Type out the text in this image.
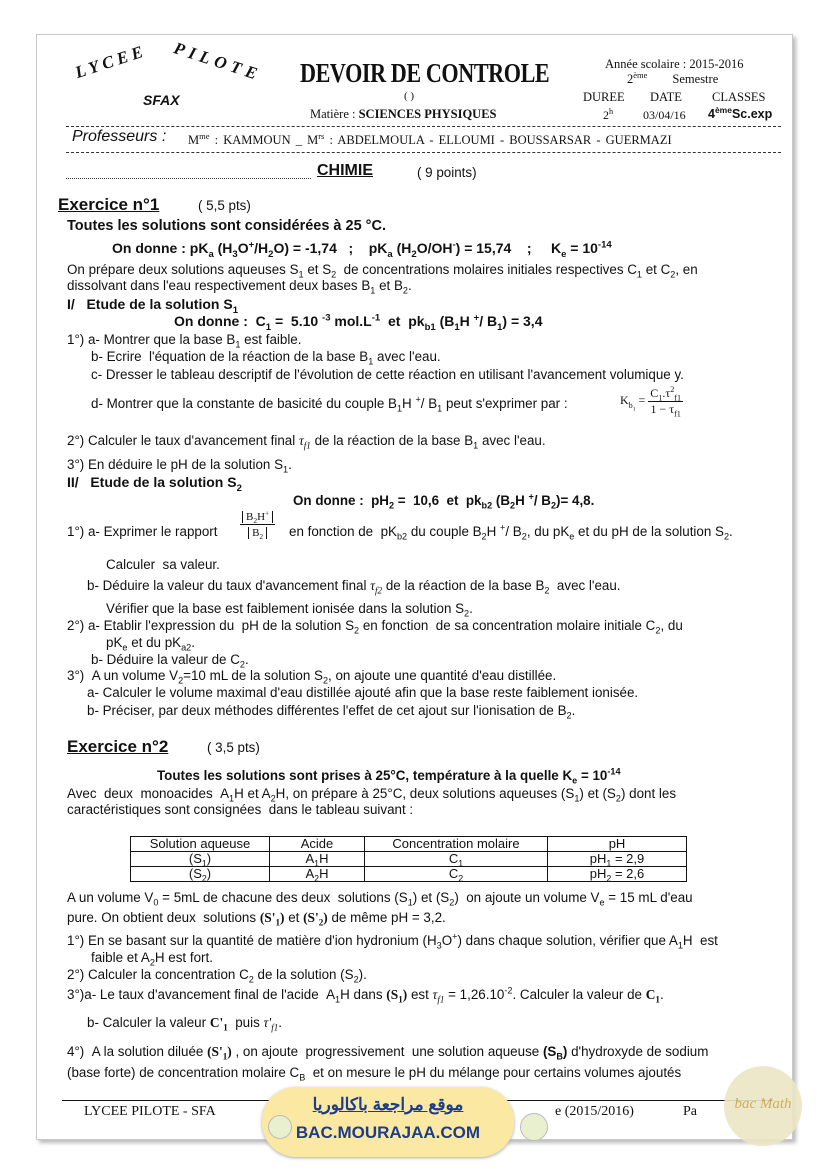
LYCEE PILOTE
SFAX
DEVOIR DE CONTROLE
( )
Matière : SCIENCES PHYSIQUES
Année scolaire : 2015-2016
2ème Semestre
DUREE DATE CLASSES
2$^h$ 03/04/16 4èmeSc.exp
Professeurs : $M^{me}$ : KAMMOUN _ $M^{rs}$ : ABDELMOULA - ELLOUMI - BOUSSARSAR - GUERMAZI
CHIMIE	( 9 points)
Exercice n°1	( 5,5 pts)
Toutes les solutions sont considérées à 25 °C.
On donne : $pK_a$ $(H_3O^+/H_2O) = -1,74$   ;    $pK_a$ $(H_2O/OH^-) = 15,74$    ;     $K_e = 10^{-14}$
On prépare deux solutions aqueuses $S_1$ et $S_2$  de concentrations molaires initiales respectives $C_1$ et $C_2$, en
dissolvant dans l'eau respectivement deux bases $B_1$ et $B_2$.
I/   Etude de la solution $S_1$
On donne :  $C_1 = 5.10$ $^{-3}$ $mol.L^{-1}$  et  $pk_{b1}$ ($B_1H$ +/ $B_1) = 3,4$
1°) a- Montrer que la base $B_1$ est faible.
b- Ecrire  l'équation de la réaction de la base $B_1$ avec l'eau.
c- Dresser le tableau descriptif de l'évolution de cette réaction en utilisant l'avancement volumique y.
d- Montrer que la constante de basicité du couple $B_1H$ +/ $B_1$ peut s'exprimer par :	$K_{b_1} = \frac{C_1.\tau^2_{f1}}{1 - \tau_{f1}}$
2°) Calculer le taux d'avancement final $\tau_{f1}$ de la réaction de la base $B_1$ avec l'eau.
3°) En déduire le pH de la solution $S_1$.
II/   Etude de la solution $S_2$
On donne :  $pH_2 = 10,6$  et  $pk_{b2}$ ($B_2H$ +/ $B_2)= 4,8$.
1°) a- Exprimer le rapport $\frac{B_2H^+}{B_2}$ en fonction de  $pK_{b2}$ du couple $B_2H$ +/ $B_2$, du $pK_e$ et du pH de la solution $S_2$.
Calculer  sa valeur.
b- Déduire la valeur du taux d'avancement final $\tau_{f2}$ de la réaction de la base $B_2$  avec l'eau.
Vérifier que la base est faiblement ionisée dans la solution $S_2$.
2°) a- Etablir l'expression du  pH de la solution $S_2$ en fonction  de sa concentration molaire initiale $C_2$, du
$pK_e$ et du $pK_{a2}$.
b- Déduire la valeur de $C_2$.
3°)  A un volume $V_2=10$ mL de la solution $S_2$, on ajoute une quantité d'eau distillée.
a- Calculer le volume maximal d'eau distillée ajouté afin que la base reste faiblement ionisée.
b- Préciser, par deux méthodes différentes l'effet de cet ajout sur l'ionisation de $B_2$.
Exercice n°2	( 3,5 pts)
Toutes les solutions sont prises à 25°C, température à la quelle $K_e = 10^{-14}$
Avec  deux  monoacides  $A_1H$ et $A_2H$, on prépare à 25°C, deux solutions aqueuses $(S_1)$ et $(S_2)$ dont les
caractéristiques sont consignées  dans le tableau suivant :
Solution aqueuse	Acide	Concentration molaire	pH
$(S_1)$	$A_1H$	$C_1$	$pH_1 = 2,9$
$(S_2)$	$A_2H$	$C_2$	$pH_2 = 2,6$
A un volume $V_0 = 5mL$ de chacune des deux  solutions $(S_1)$ et $(S_2)$  on ajoute un volume $V_e = 15$ mL d'eau
pure. On obtient deux  solutions $(S'_1)$ et $(S'_2)$ de même pH = 3,2.
1°) En se basant sur la quantité de matière d'ion hydronium $(H_3O^+)$ dans chaque solution, vérifier que $A_1H$  est
faible et $A_2H$ est fort.
2°) Calculer la concentration $C_2$ de la solution $(S_2)$.
3°)a- Le taux d'avancement final de l'acide  $A_1H$ dans $(S_1)$ est $\tau_{f1} = 1,26.10^{-2}$. Calculer la valeur de $C_1$.
b- Calculer la valeur $C'_1$  puis $\tau'_{f1}$.
4°)  A la solution diluée $(S'_1)$ , on ajoute  progressivement  une solution aqueuse $(S_B)$ d'hydroxyde de sodium
(base forte) de concentration molaire $C_B$  et on mesure le pH du mélange pour certains volumes ajoutés
LYCEE PILOTE - SFA	e (2015/2016)	Pa
موقع مراجعة باكالوريا
BAC.MOURAJAA.COM
bac Math
